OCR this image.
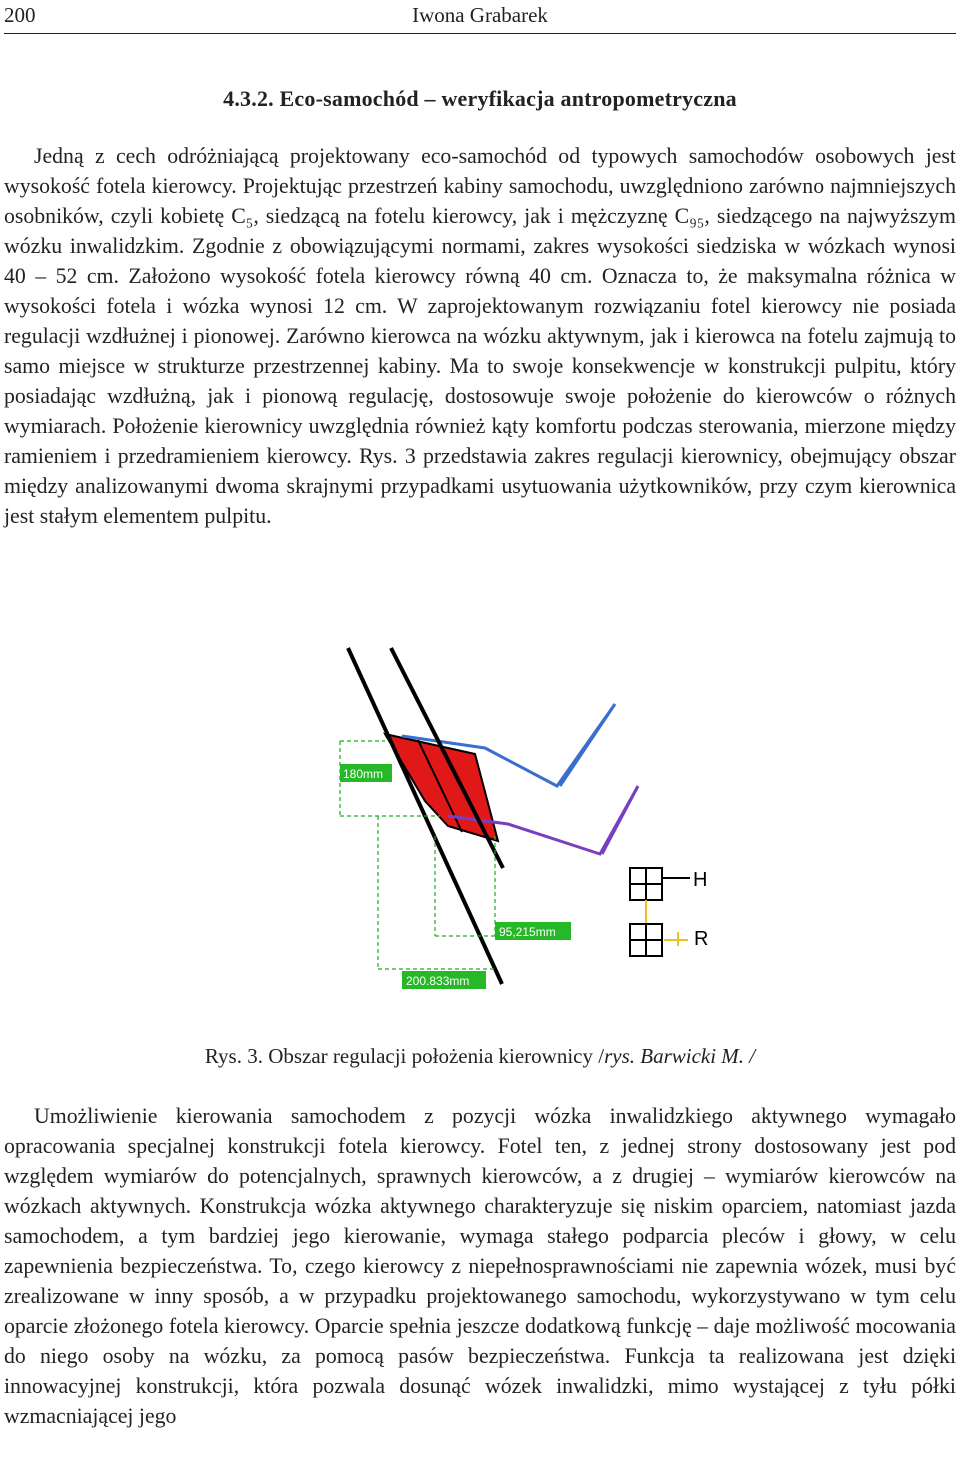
200	Iwona Grabarek
4.3.2. Eco-samochód – weryfikacja antropometryczna

Jedną z cech odróżniającą projektowany eco-samochód od typowych samochodów osobowych jest wysokość fotela kierowcy. Projektując przestrzeń kabiny samochodu, uwzględniono zarówno najmniejszych osobników, czyli kobietę C₅, siedzącą na fotelu kierowcy, jak i mężczyznę C₉₅, siedzącego na najwyższym wózku inwalidzkim. Zgodnie z obowiązującymi normami, zakres wysokości siedziska w wózkach wynosi 40 – 52 cm. Założono wysokość fotela kierowcy równą 40 cm. Oznacza to, że maksymalna różnica w wysokości fotela i wózka wynosi 12 cm. W zaprojektowanym rozwiązaniu fotel kierowcy nie posiada regulacji wzdłużnej i pionowej. Zarówno kierowca na wózku aktywnym, jak i kierowca na fotelu zajmują to samo miejsce w strukturze przestrzennej kabiny. Ma to swoje konsekwencje w konstrukcji pulpitu, który posiadając wzdłużną, jak i pionową regulację, dostosowuje swoje położenie do kierowców o różnych wymiarach. Położenie kierownicy uwzględnia również kąty komfortu podczas sterowania, mierzone między ramieniem i przedramieniem kierowcy. Rys. 3 przedstawia zakres regulacji kierownicy, obejmujący obszar między analizowanymi dwoma skrajnymi przypadkami usytuowania użytkowników, przy czym kierownica jest stałym elementem pulpitu.

180mm
95,215mm
200.833mm
H
R
Rys. 3. Obszar regulacji położenia kierownicy /rys. Barwicki M. /

Umożliwienie kierowania samochodem z pozycji wózka inwalidzkiego aktywnego wymagało opracowania specjalnej konstrukcji fotela kierowcy. Fotel ten, z jednej strony dostosowany jest pod względem wymiarów do potencjalnych, sprawnych kierowców, a z drugiej – wymiarów kierowców na wózkach aktywnych. Konstrukcja wózka aktywnego charakteryzuje się niskim oparciem, natomiast jazda samochodem, a tym bardziej jego kierowanie, wymaga stałego podparcia pleców i głowy, w celu zapewnienia bezpieczeństwa. To, czego kierowcy z niepełnosprawnościami nie zapewnia wózek, musi być zrealizowane w inny sposób, a w przypadku projektowanego samochodu, wykorzystywano w tym celu oparcie złożonego fotela kierowcy. Oparcie spełnia jeszcze dodatkową funkcję – daje możliwość mocowania do niego osoby na wózku, za pomocą pasów bezpieczeństwa. Funkcja ta realizowana jest dzięki innowacyjnej konstrukcji, która pozwala dosunąć wózek inwalidzki, mimo wystającej z tyłu półki wzmacniającej jego
